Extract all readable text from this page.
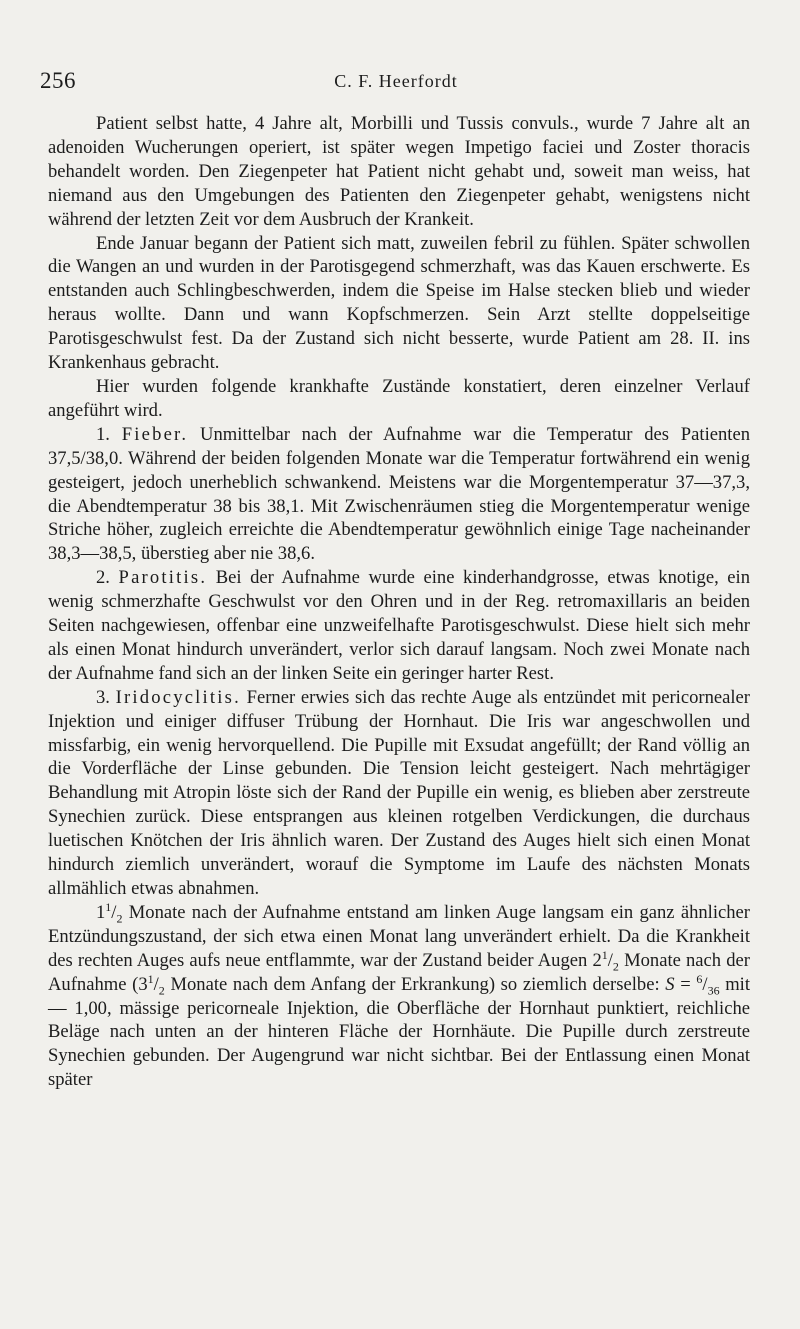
256	C. F. Heerfordt

Patient selbst hatte, 4 Jahre alt, Morbilli und Tussis convuls., wurde 7 Jahre alt an adenoiden Wucherungen operiert, ist später wegen Impetigo faciei und Zoster thoracis behandelt worden. Den Ziegenpeter hat Patient nicht gehabt und, soweit man weiss, hat niemand aus den Umgebungen des Patienten den Ziegenpeter gehabt, wenigstens nicht während der letzten Zeit vor dem Ausbruch der Krankeit.

Ende Januar begann der Patient sich matt, zuweilen febril zu fühlen. Später schwollen die Wangen an und wurden in der Parotisgegend schmerzhaft, was das Kauen erschwerte. Es entstanden auch Schlingbeschwerden, indem die Speise im Halse stecken blieb und wieder heraus wollte. Dann und wann Kopfschmerzen. Sein Arzt stellte doppelseitige Parotisgeschwulst fest. Da der Zustand sich nicht besserte, wurde Patient am 28. II. ins Krankenhaus gebracht.

Hier wurden folgende krankhafte Zustände konstatiert, deren einzelner Verlauf angeführt wird.

1. Fieber. Unmittelbar nach der Aufnahme war die Temperatur des Patienten 37,5/38,0. Während der beiden folgenden Monate war die Temperatur fortwährend ein wenig gesteigert, jedoch unerheblich schwankend. Meistens war die Morgentemperatur 37—37,3, die Abendtemperatur 38 bis 38,1. Mit Zwischenräumen stieg die Morgentemperatur wenige Striche höher, zugleich erreichte die Abendtemperatur gewöhnlich einige Tage nacheinander 38,3—38,5, überstieg aber nie 38,6.

2. Parotitis. Bei der Aufnahme wurde eine kinderhandgrosse, etwas knotige, ein wenig schmerzhafte Geschwulst vor den Ohren und in der Reg. retromaxillaris an beiden Seiten nachgewiesen, offenbar eine unzweifelhafte Parotisgeschwulst. Diese hielt sich mehr als einen Monat hindurch unverändert, verlor sich darauf langsam. Noch zwei Monate nach der Aufnahme fand sich an der linken Seite ein geringer harter Rest.

3. Iridocyclitis. Ferner erwies sich das rechte Auge als entzündet mit pericornealer Injektion und einiger diffuser Trübung der Hornhaut. Die Iris war angeschwollen und missfarbig, ein wenig hervorquellend. Die Pupille mit Exsudat angefüllt; der Rand völlig an die Vorderfläche der Linse gebunden. Die Tension leicht gesteigert. Nach mehrtägiger Behandlung mit Atropin löste sich der Rand der Pupille ein wenig, es blieben aber zerstreute Synechien zurück. Diese entsprangen aus kleinen rotgelben Verdickungen, die durchaus luetischen Knötchen der Iris ähnlich waren. Der Zustand des Auges hielt sich einen Monat hindurch ziemlich unverändert, worauf die Symptome im Laufe des nächsten Monats allmählich etwas abnahmen.

$1^1/_2$ Monate nach der Aufnahme entstand am linken Auge langsam ein ganz ähnlicher Entzündungszustand, der sich etwa einen Monat lang unverändert erhielt. Da die Krankheit des rechten Auges aufs neue entflammte, war der Zustand beider Augen $2^1/_2$ Monate nach der Aufnahme ($3^1/_2$ Monate nach dem Anfang der Erkrankung) so ziemlich derselbe: $S = ^6/_{36}$ mit — 1,00, mässige pericorneale Injektion, die Oberfläche der Hornhaut punktiert, reichliche Beläge nach unten an der hinteren Fläche der Hornhäute. Die Pupille durch zerstreute Synechien gebunden. Der Augengrund war nicht sichtbar. Bei der Entlassung einen Monat später
